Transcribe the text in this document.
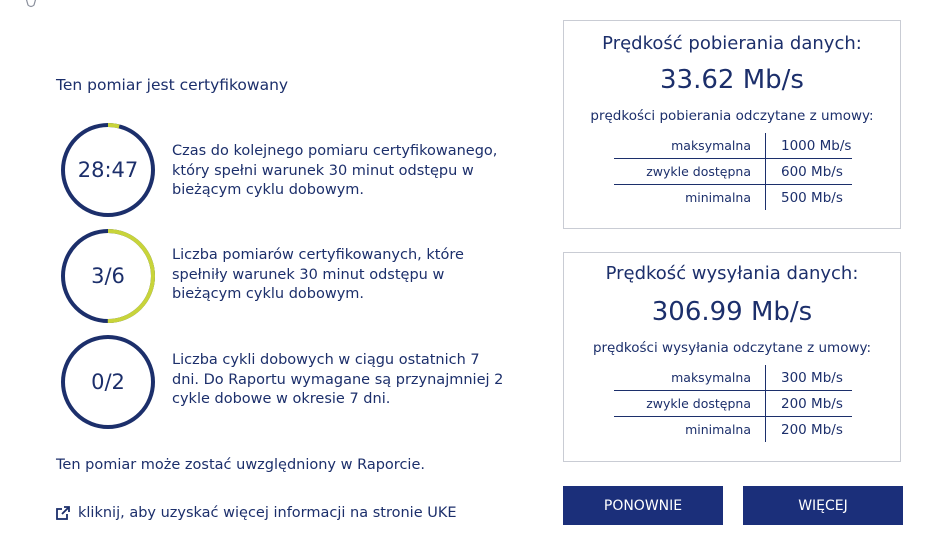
Ten pomiar jest certyfikowany
28:47
Czas do kolejnego pomiaru certyfikowanego,
który spełni warunek 30 minut odstępu w
bieżącym cyklu dobowym.
3/6
Liczba pomiarów certyfikowanych, które
spełniły warunek 30 minut odstępu w
bieżącym cyklu dobowym.
0/2
Liczba cykli dobowych w ciągu ostatnich 7
dni. Do Raportu wymagane są przynajmniej 2
cykle dobowe w okresie 7 dni.
Ten pomiar może zostać uwzględniony w Raporcie.
kliknij, aby uzyskać więcej informacji na stronie UKE
Prędkość pobierania danych:
33.62 Mb/s
prędkości pobierania odczytane z umowy:
maksymalna	1000 Mb/s
zwykle dostępna	600 Mb/s
minimalna	500 Mb/s
Prędkość wysyłania danych:
306.99 Mb/s
prędkości wysyłania odczytane z umowy:
maksymalna	300 Mb/s
zwykle dostępna	200 Mb/s
minimalna	200 Mb/s
PONOWNIE	WIĘCEJ
